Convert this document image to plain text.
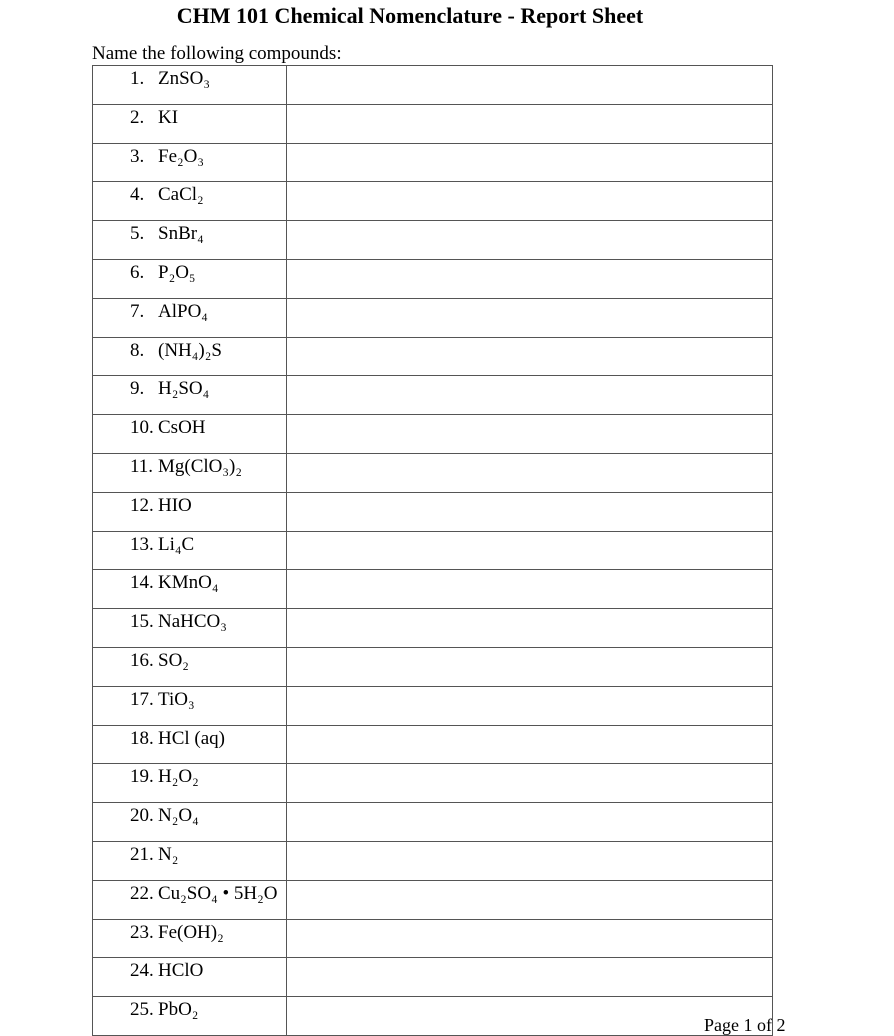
CHM 101 Chemical Nomenclature - Report Sheet
Name the following compounds:
1. ZnSO₃	

2. KI	

3. Fe₂O₃	

4. CaCl₂	

5. SnBr₄	

6. P₂O₅	

7. AlPO₄	

8. (NH₄)₂S	

9. H₂SO₄	

10. CsOH	

11. Mg(ClO₃)₂	

12. HIO	

13. Li₄C	

14. KMnO₄	

15. NaHCO₃	

16. SO₂	

17. TiO₃	

18. HCl (aq)	

19. H₂O₂	

20. N₂O₄	

21. N₂	

22. Cu₂SO₄ • 5H₂O	

23. Fe(OH)₂	

24. HClO	

25. PbO₂	
Page 1 of 2
